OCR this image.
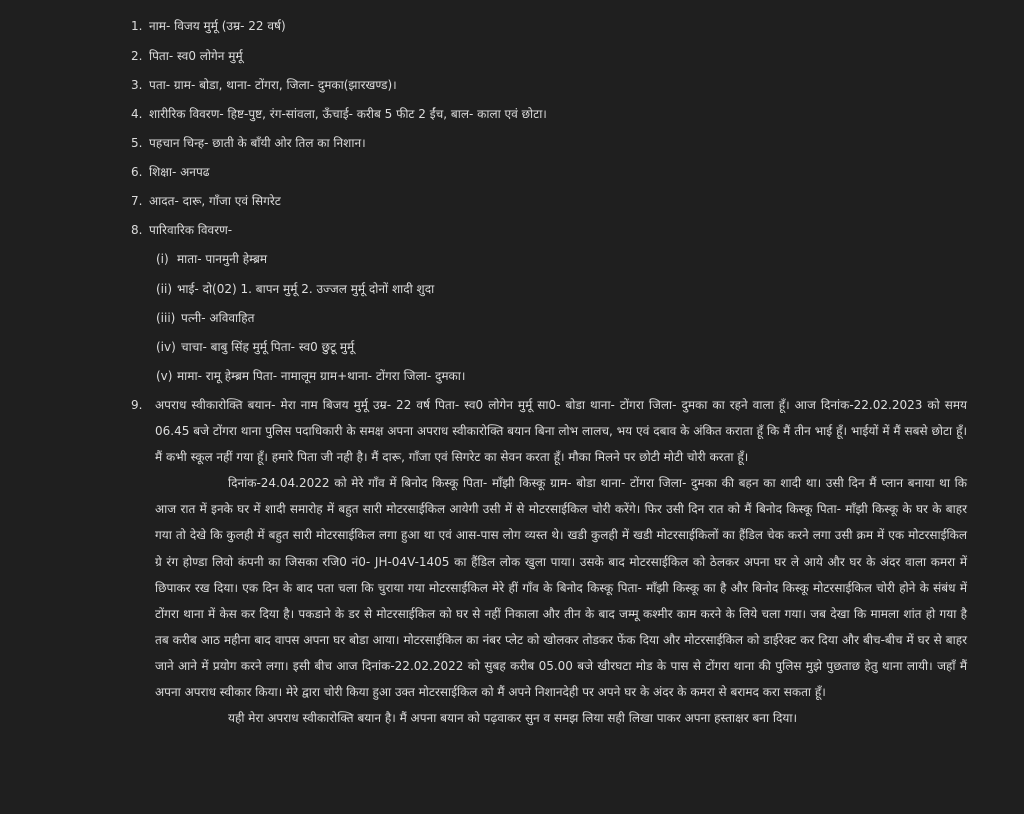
1. नाम- विजय मुर्मू (उम्र- 22 वर्ष)
2. पिता- स्व0 लोगेन मुर्मू
3. पता- ग्राम- बोडा, थाना- टोंगरा, जिला- दुमका(झारखण्ड)।
4. शारीरिक विवरण- हिष्ट-पुष्ट, रंग-सांवला, ऊँचाई- करीब 5 फीट 2 ईंच, बाल- काला एवं छोटा।
5. पहचान चिन्ह- छाती के बाँयी ओर तिल का निशान।
6. शिक्षा- अनपढ
7. आदत- दारू, गाँजा एवं सिगरेट
8. पारिवारिक विवरण-
(i) माता- पानमुनी हेम्ब्रम
(ii) भाई- दो(02) 1. बापन मुर्मू 2. उज्जल मुर्मू दोनों शादी शुदा
(iii) पत्नी- अविवाहित
(iv) चाचा- बाबु सिंह मुर्मू पिता- स्व0 छुटू मुर्मू
(v) मामा- रामू हेम्ब्रम पिता- नामालूम ग्राम+थाना- टोंगरा जिला- दुमका।
9. अपराध स्वीकारोक्ति बयान- मेरा नाम बिजय मुर्मू उम्र- 22 वर्ष पिता- स्व0 लोगेन मुर्मू सा0- बोडा थाना- टोंगरा जिला- दुमका का रहने वाला हूँ। आज दिनांक-22.02.2023 को समय 06.45 बजे टोंगरा थाना पुलिस पदाधिकारी के समक्ष अपना अपराध स्वीकारोक्ति बयान बिना लोभ लालच, भय एवं दबाव के अंकित कराता हूँ कि मैं तीन भाई हूँ। भाईयों में मैं सबसे छोटा हूँ। मैं कभी स्कूल नहीं गया हूँ। हमारे पिता जी नही है। मैं दारू, गाँजा एवं सिगरेट का सेवन करता हूँ। मौका मिलने पर छोटी मोटी चोरी करता हूँ।

दिनांक-24.04.2022 को मेरे गाँव में बिनोद किस्कू पिता- माँझी किस्कू ग्राम- बोडा थाना- टोंगरा जिला- दुमका की बहन का शादी था। उसी दिन मैं प्लान बनाया था कि आज रात में इनके घर में शादी समारोह में बहुत सारी मोटरसाईकिल आयेगी उसी में से मोटरसाईकिल चोरी करेंगे। फिर उसी दिन रात को मैं बिनोद किस्कू पिता- माँझी किस्कू के घर के बाहर गया तो देखे कि कुलही में बहुत सारी मोटरसाईकिल लगा हुआ था एवं आस-पास लोग व्यस्त थे। खडी कुलही में खडी मोटरसाईकिलों का हैंडिल चेक करने लगा उसी क्रम में एक मोटरसाईकिल ग्रे रंग होण्डा लिवो कंपनी का जिसका रजि0 नं0- JH-04V-1405 का हैंडिल लोक खुला पाया। उसके बाद मोटरसाईकिल को ठेलकर अपना घर ले आये और घर के अंदर वाला कमरा में छिपाकर रख दिया। एक दिन के बाद पता चला कि चुराया गया मोटरसाईकिल मेरे हीं गाँव के बिनोद किस्कू पिता- माँझी किस्कू का है और बिनोद किस्कू मोटरसाईकिल चोरी होने के संबंध में टोंगरा थाना में केस कर दिया है। पकडाने के डर से मोटरसाईकिल को घर से नहीं निकाला और तीन के बाद जम्मू कश्मीर काम करने के लिये चला गया। जब देखा कि मामला शांत हो गया है तब करीब आठ महीना बाद वापस अपना घर बोडा आया। मोटरसाईकिल का नंबर प्लेट को खोलकर तोडकर फेंक दिया और मोटरसाईकिल को डाईरेक्ट कर दिया और बीच-बीच में घर से बाहर जाने आने में प्रयोग करने लगा। इसी बीच आज दिनांक-22.02.2022 को सुबह करीब 05.00 बजे खीरघटा मोड के पास से टोंगरा थाना की पुलिस मुझे पुछताछ हेतु थाना लायी। जहाँ मैं अपना अपराध स्वीकार किया। मेरे द्वारा चोरी किया हुआ उक्त मोटरसाईकिल को मैं अपने निशानदेही पर अपने घर के अंदर के कमरा से बरामद करा सकता हूँ।

यही मेरा अपराध स्वीकारोक्ति बयान है। मैं अपना बयान को पढ़वाकर सुन व समझ लिया सही लिखा पाकर अपना हस्ताक्षर बना दिया।
